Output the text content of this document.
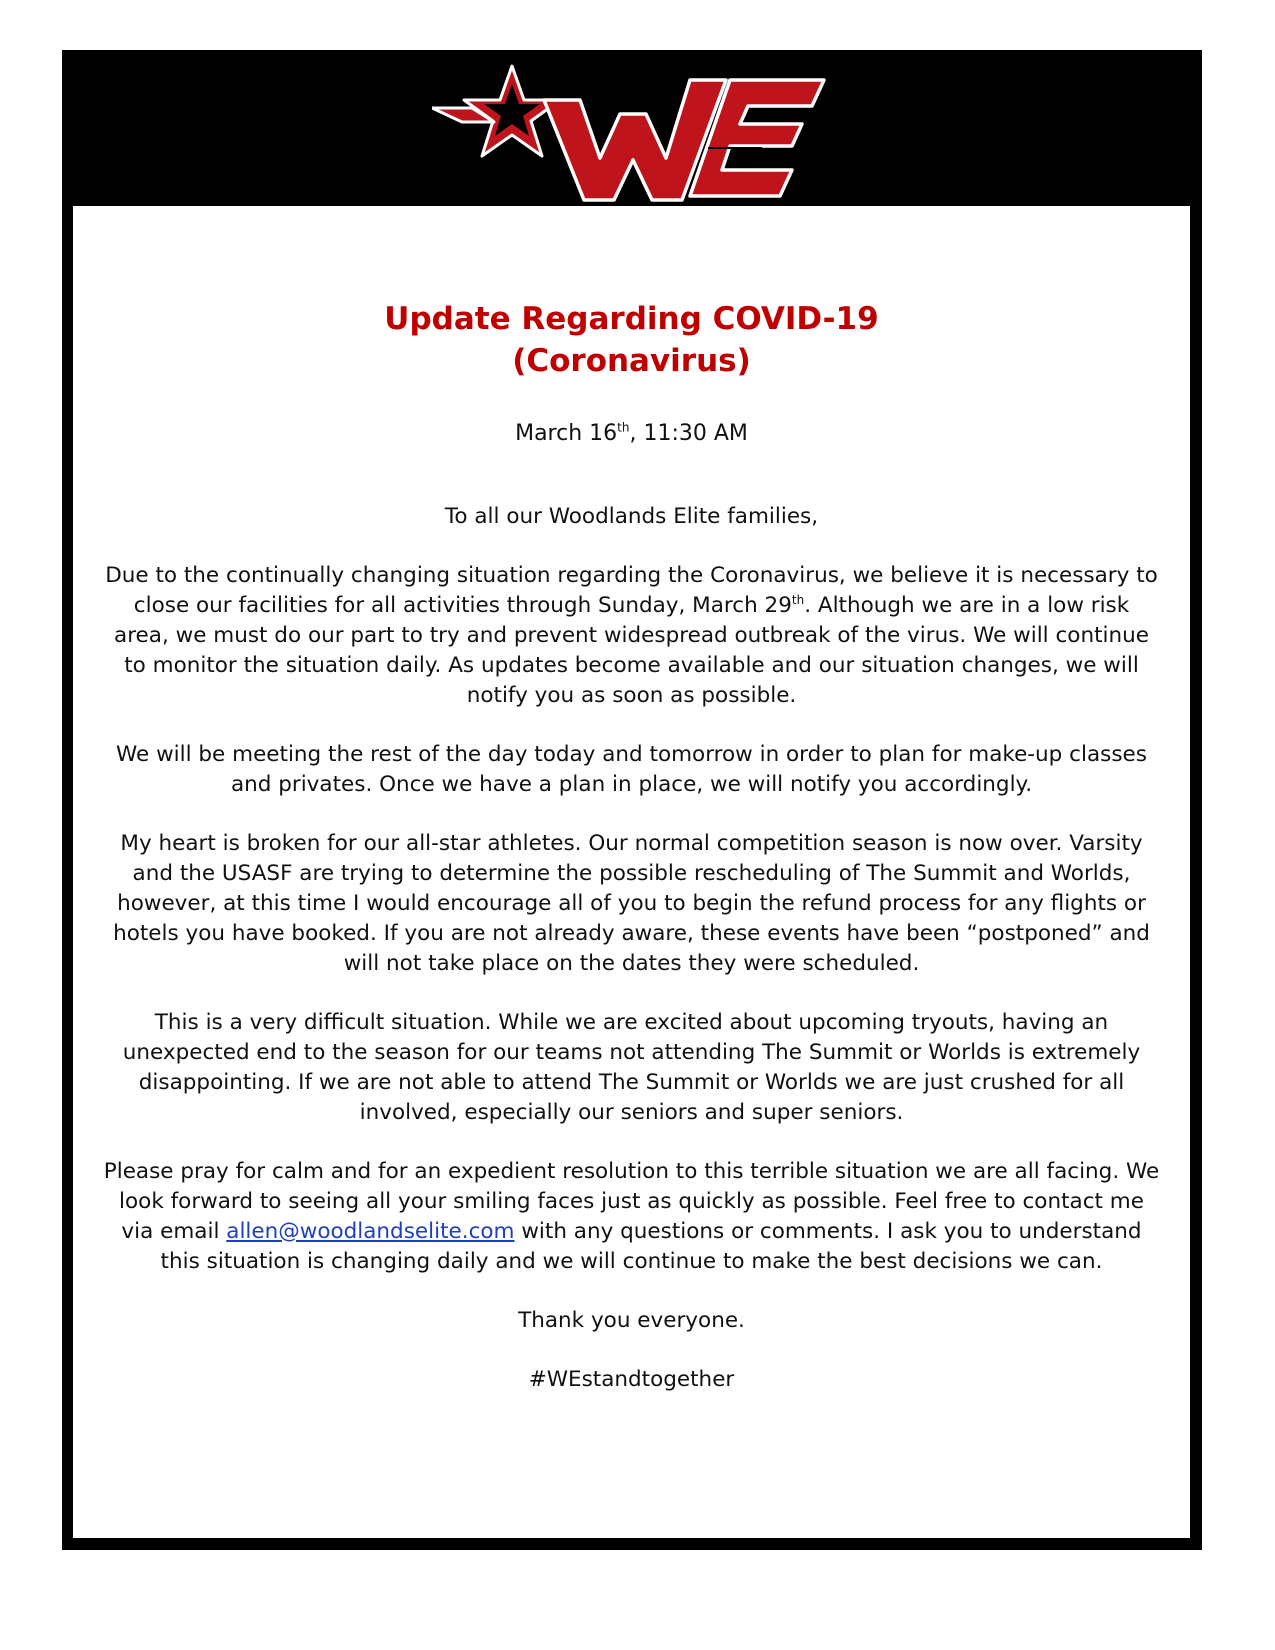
Update Regarding COVID-19
(Coronavirus)
March 16th, 11:30 AM

To all our Woodlands Elite families,

Due to the continually changing situation regarding the Coronavirus, we believe it is necessary to close our facilities for all activities through Sunday, March 29th. Although we are in a low risk area, we must do our part to try and prevent widespread outbreak of the virus. We will continue to monitor the situation daily. As updates become available and our situation changes, we will notify you as soon as possible.

We will be meeting the rest of the day today and tomorrow in order to plan for make-up classes and privates. Once we have a plan in place, we will notify you accordingly.

My heart is broken for our all-star athletes. Our normal competition season is now over. Varsity and the USASF are trying to determine the possible rescheduling of The Summit and Worlds, however, at this time I would encourage all of you to begin the refund process for any flights or hotels you have booked. If you are not already aware, these events have been “postponed” and will not take place on the dates they were scheduled.

This is a very difficult situation. While we are excited about upcoming tryouts, having an unexpected end to the season for our teams not attending The Summit or Worlds is extremely disappointing. If we are not able to attend The Summit or Worlds we are just crushed for all involved, especially our seniors and super seniors.

Please pray for calm and for an expedient resolution to this terrible situation we are all facing. We look forward to seeing all your smiling faces just as quickly as possible. Feel free to contact me via email allen@woodlandselite.com with any questions or comments. I ask you to understand this situation is changing daily and we will continue to make the best decisions we can.

Thank you everyone.

#WEstandtogether
